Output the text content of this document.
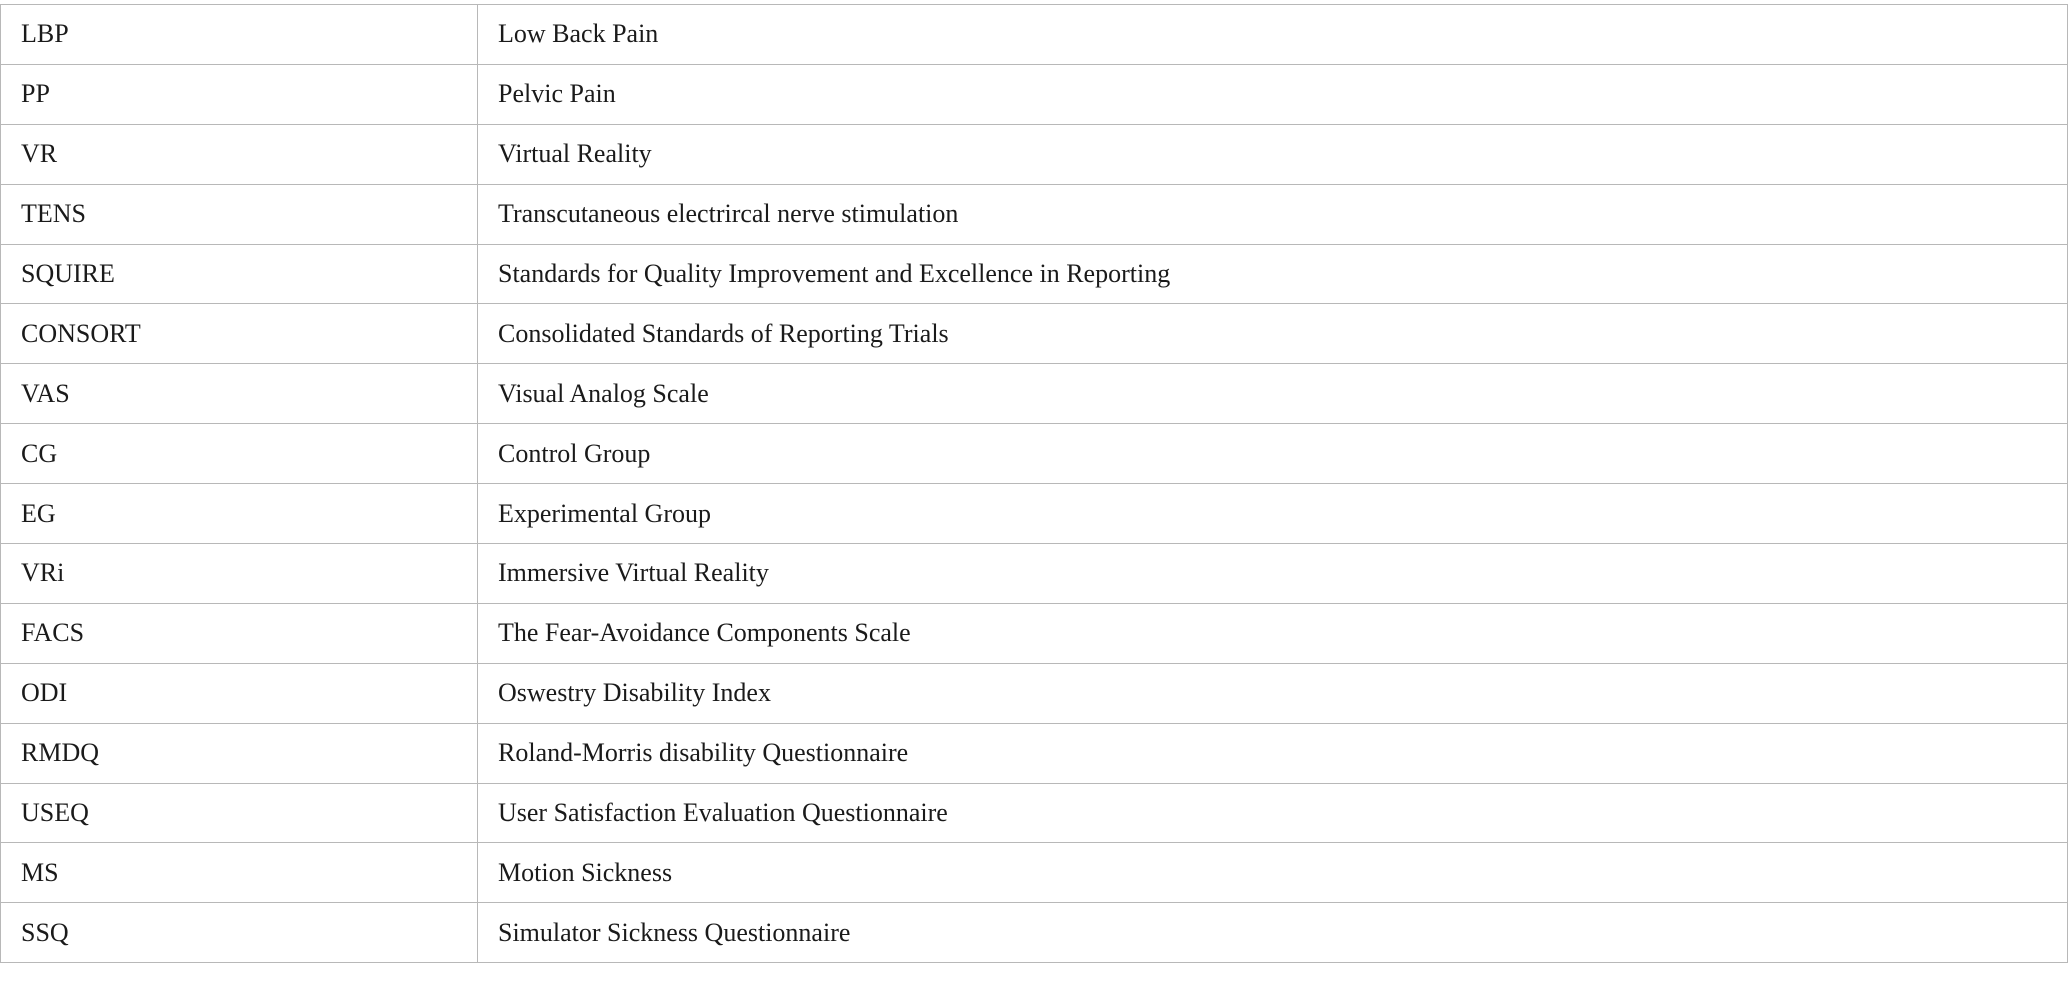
LBP	Low Back Pain
PP	Pelvic Pain
VR	Virtual Reality
TENS	Transcutaneous electrircal nerve stimulation
SQUIRE	Standards for Quality Improvement and Excellence in Reporting
CONSORT	Consolidated Standards of Reporting Trials
VAS	Visual Analog Scale
CG	Control Group
EG	Experimental Group
VRi	Immersive Virtual Reality
FACS	The Fear-Avoidance Components Scale
ODI	Oswestry Disability Index
RMDQ	Roland-Morris disability Questionnaire
USEQ	User Satisfaction Evaluation Questionnaire
MS	Motion Sickness
SSQ	Simulator Sickness Questionnaire
